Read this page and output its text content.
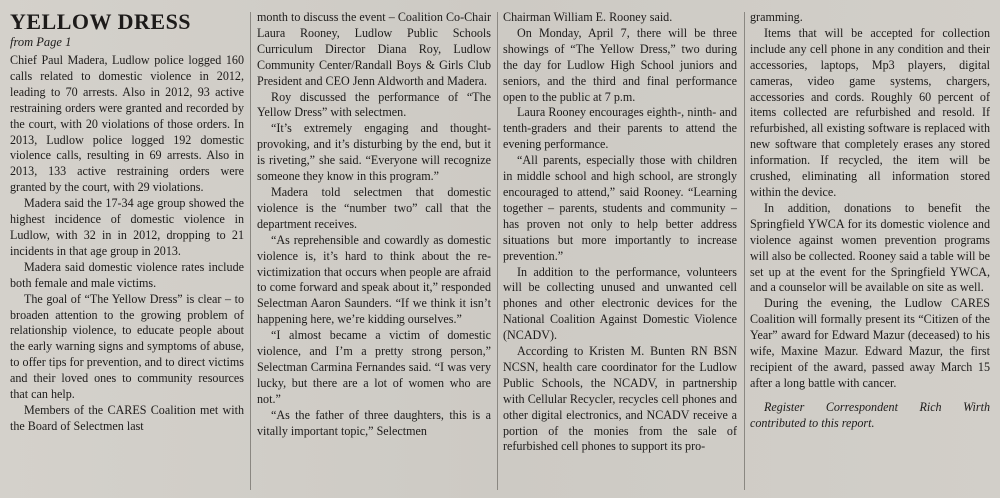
YELLOW DRESS
from Page 1

Chief Paul Madera, Ludlow police logged 160 calls related to domestic violence in 2012, leading to 70 arrests. Also in 2012, 93 active restraining orders were granted and recorded by the court, with 20 violations of those orders. In 2013, Ludlow police logged 192 domestic violence calls, resulting in 69 arrests. Also in 2013, 133 active restraining orders were granted by the court, with 29 violations.

Madera said the 17-34 age group showed the highest incidence of domestic violence in Ludlow, with 32 in in 2012, dropping to 21 incidents in that age group in 2013.

Madera said domestic violence rates include both female and male victims.

The goal of “The Yellow Dress” is clear – to broaden attention to the growing problem of relationship violence, to educate people about the early warning signs and symptoms of abuse, to offer tips for prevention, and to direct victims and their loved ones to community resources that can help.

Members of the CARES Coalition met with the Board of Selectmen last

month to discuss the event – Coalition Co-Chair Laura Rooney, Ludlow Public Schools Curriculum Director Diana Roy, Ludlow Community Center/Randall Boys & Girls Club President and CEO Jenn Aldworth and Madera.

Roy discussed the performance of “The Yellow Dress” with selectmen.

“It’s extremely engaging and thought-provoking, and it’s disturbing by the end, but it is riveting,” she said. “Everyone will recognize someone they know in this program.”

Madera told selectmen that domestic violence is the “number two” call that the department receives.

“As reprehensible and cowardly as domestic violence is, it’s hard to think about the re-victimization that occurs when people are afraid to come forward and speak about it,” responded Selectman Aaron Saunders. “If we think it isn’t happening here, we’re kidding ourselves.”

“I almost became a victim of domestic violence, and I’m a pretty strong person,” Selectman Carmina Fernandes said. “I was very lucky, but there are a lot of women who are not.”

“As the father of three daughters, this is a vitally important topic,” Selectmen

Chairman William E. Rooney said.

On Monday, April 7, there will be three showings of “The Yellow Dress,” two during the day for Ludlow High School juniors and seniors, and the third and final performance open to the public at 7 p.m.

Laura Rooney encourages eighth-, ninth- and tenth-graders and their parents to attend the evening performance.

“All parents, especially those with children in middle school and high school, are strongly encouraged to attend,” said Rooney. “Learning together – parents, students and community – has proven not only to help better address situations but more importantly to increase prevention.”

In addition to the performance, volunteers will be collecting unused and unwanted cell phones and other electronic devices for the National Coalition Against Domestic Violence (NCADV).

According to Kristen M. Bunten RN BSN NCSN, health care coordinator for the Ludlow Public Schools, the NCADV, in partnership with Cellular Recycler, recycles cell phones and other digital electronics, and NCADV receive a portion of the monies from the sale of refurbished cell phones to support its pro-

gramming.

Items that will be accepted for collection include any cell phone in any condition and their accessories, laptops, Mp3 players, digital cameras, video game systems, chargers, accessories and cords. Roughly 60 percent of items collected are refurbished and resold. If refurbished, all existing software is replaced with new software that completely erases any stored information. If recycled, the item will be crushed, eliminating all information stored within the device.

In addition, donations to benefit the Springfield YWCA for its domestic violence and violence against women prevention programs will also be collected. Rooney said a table will be set up at the event for the Springfield YWCA, and a counselor will be available on site as well.

During the evening, the Ludlow CARES Coalition will formally present its “Citizen of the Year” award for Edward Mazur (deceased) to his wife, Maxine Mazur. Edward Mazur, the first recipient of the award, passed away March 15 after a long battle with cancer.

Register Correspondent Rich Wirth contributed to this report.
